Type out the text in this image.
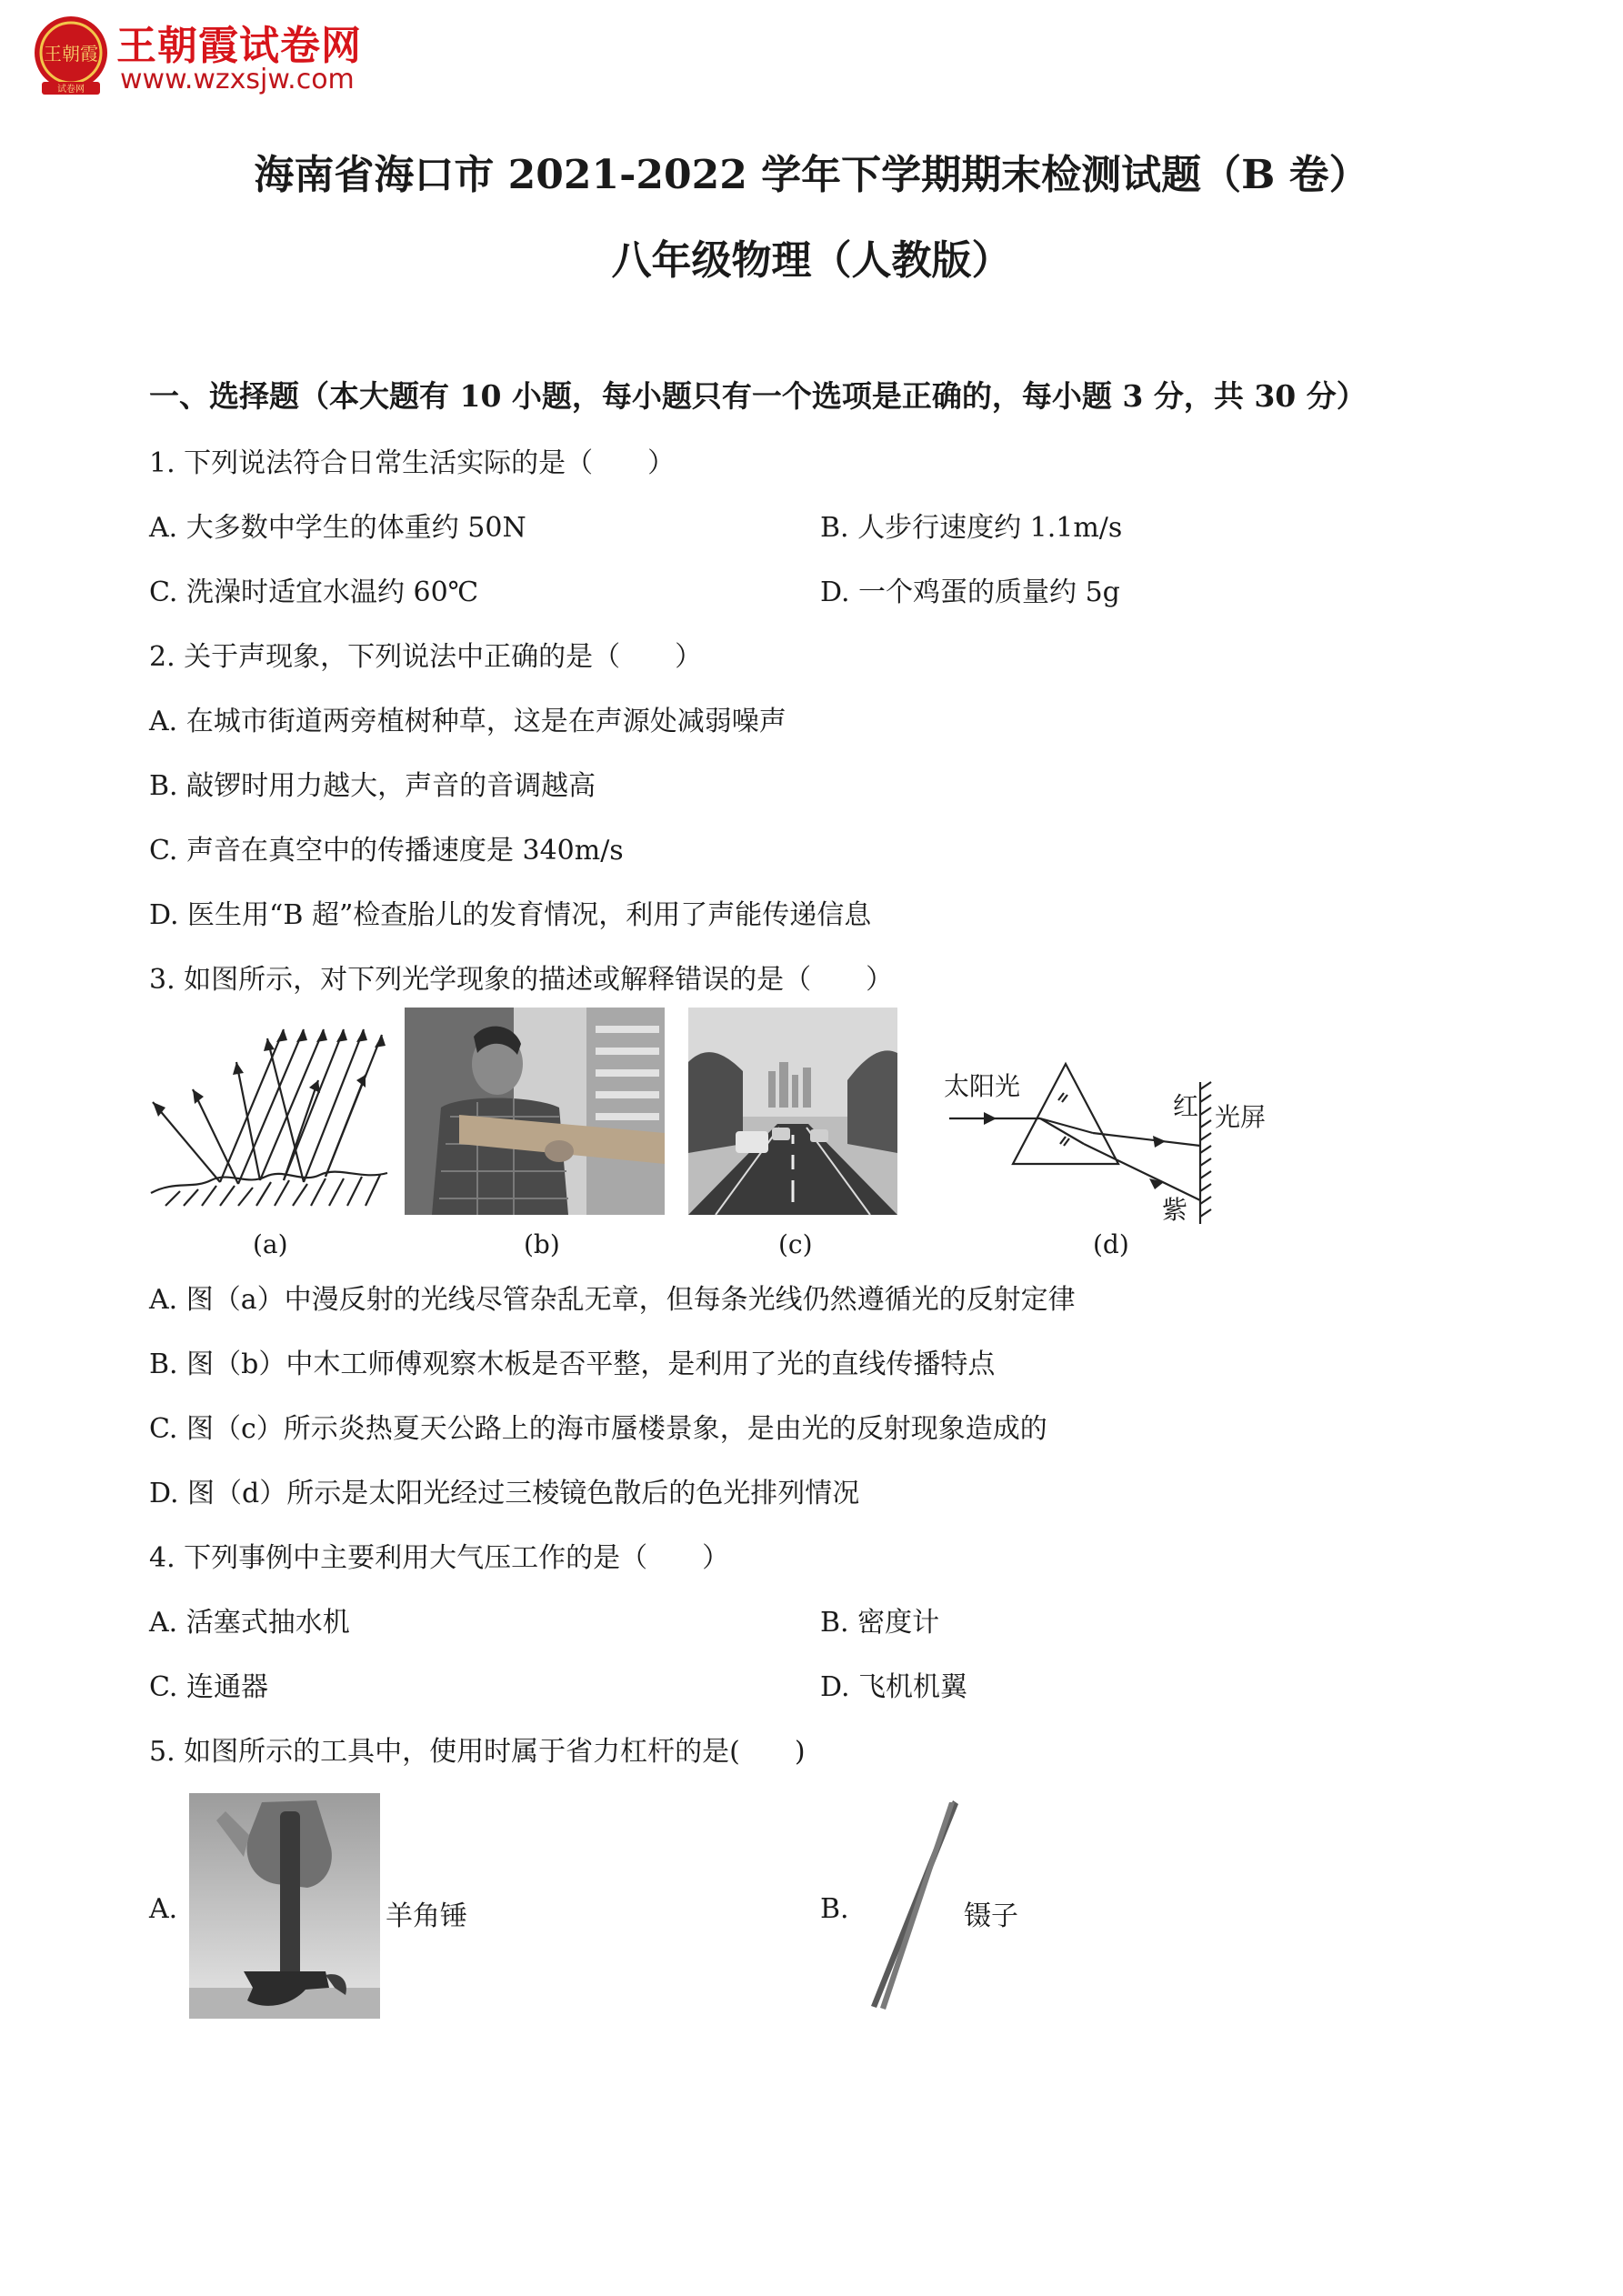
王朝霞
试卷网
王朝霞试卷网
www.wzxsjw.com
海南省海口市 2021-2022 学年下学期期末检测试题（B 卷）
八年级物理（人教版）
一、选择题（本大题有 10 小题，每小题只有一个选项是正确的，每小题 3 分，共 30 分）
1. 下列说法符合日常生活实际的是（　　）
A. 大多数中学生的体重约 50N	B. 人步行速度约 1.1m/s
C. 洗澡时适宜水温约 60℃	D. 一个鸡蛋的质量约 5g
2. 关于声现象，下列说法中正确的是（　　）
A. 在城市街道两旁植树种草，这是在声源处减弱噪声
B. 敲锣时用力越大，声音的音调越高
C. 声音在真空中的传播速度是 340m/s
D. 医生用“B 超”检查胎儿的发育情况，利用了声能传递信息
3. 如图所示，对下列光学现象的描述或解释错误的是（　　）
太阳光
红 光屏
紫
(a)	(b)	(c)	(d)
A. 图（a）中漫反射的光线尽管杂乱无章，但每条光线仍然遵循光的反射定律
B. 图（b）中木工师傅观察木板是否平整，是利用了光的直线传播特点
C. 图（c）所示炎热夏天公路上的海市蜃楼景象，是由光的反射现象造成的
D. 图（d）所示是太阳光经过三棱镜色散后的色光排列情况
4. 下列事例中主要利用大气压工作的是（　　）
A. 活塞式抽水机	B. 密度计
C. 连通器	D. 飞机机翼
5. 如图所示的工具中，使用时属于省力杠杆的是(　　)
A.	羊角锤	B.	镊子
